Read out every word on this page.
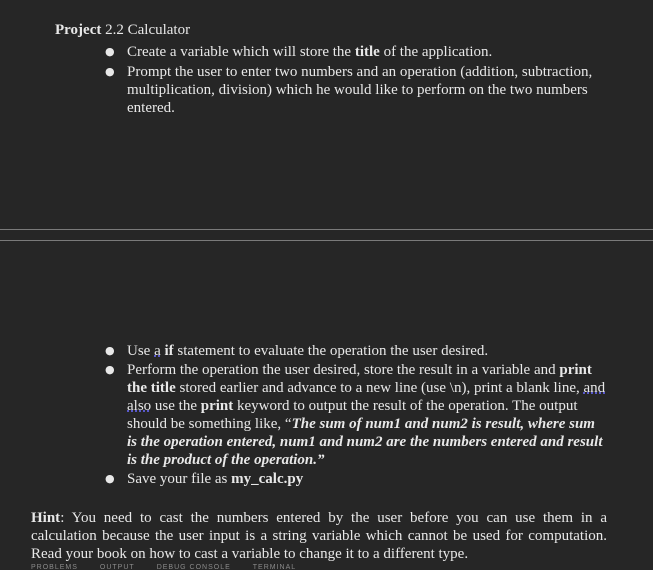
Project 2.2 Calculator
● Create a variable which will store the title of the application.
● Prompt the user to enter two numbers and an operation (addition, subtraction, multiplication, division) which he would like to perform on the two numbers entered.
● Use a if statement to evaluate the operation the user desired.
● Perform the operation the user desired, store the result in a variable and print the title stored earlier and advance to a new line (use \n), print a blank line, and also use the print keyword to output the result of the operation. The output should be something like, “The sum of num1 and num2 is result, where sum is the operation entered, num1 and num2 are the numbers entered and result is the product of the operation.”
● Save your file as my_calc.py
Hint: You need to cast the numbers entered by the user before you can use them in a calculation because the user input is a string variable which cannot be used for computation. Read your book on how to cast a variable to change it to a different type.
PROBLEMS	OUTPUT	DEBUG CONSOLE	TERMINAL
